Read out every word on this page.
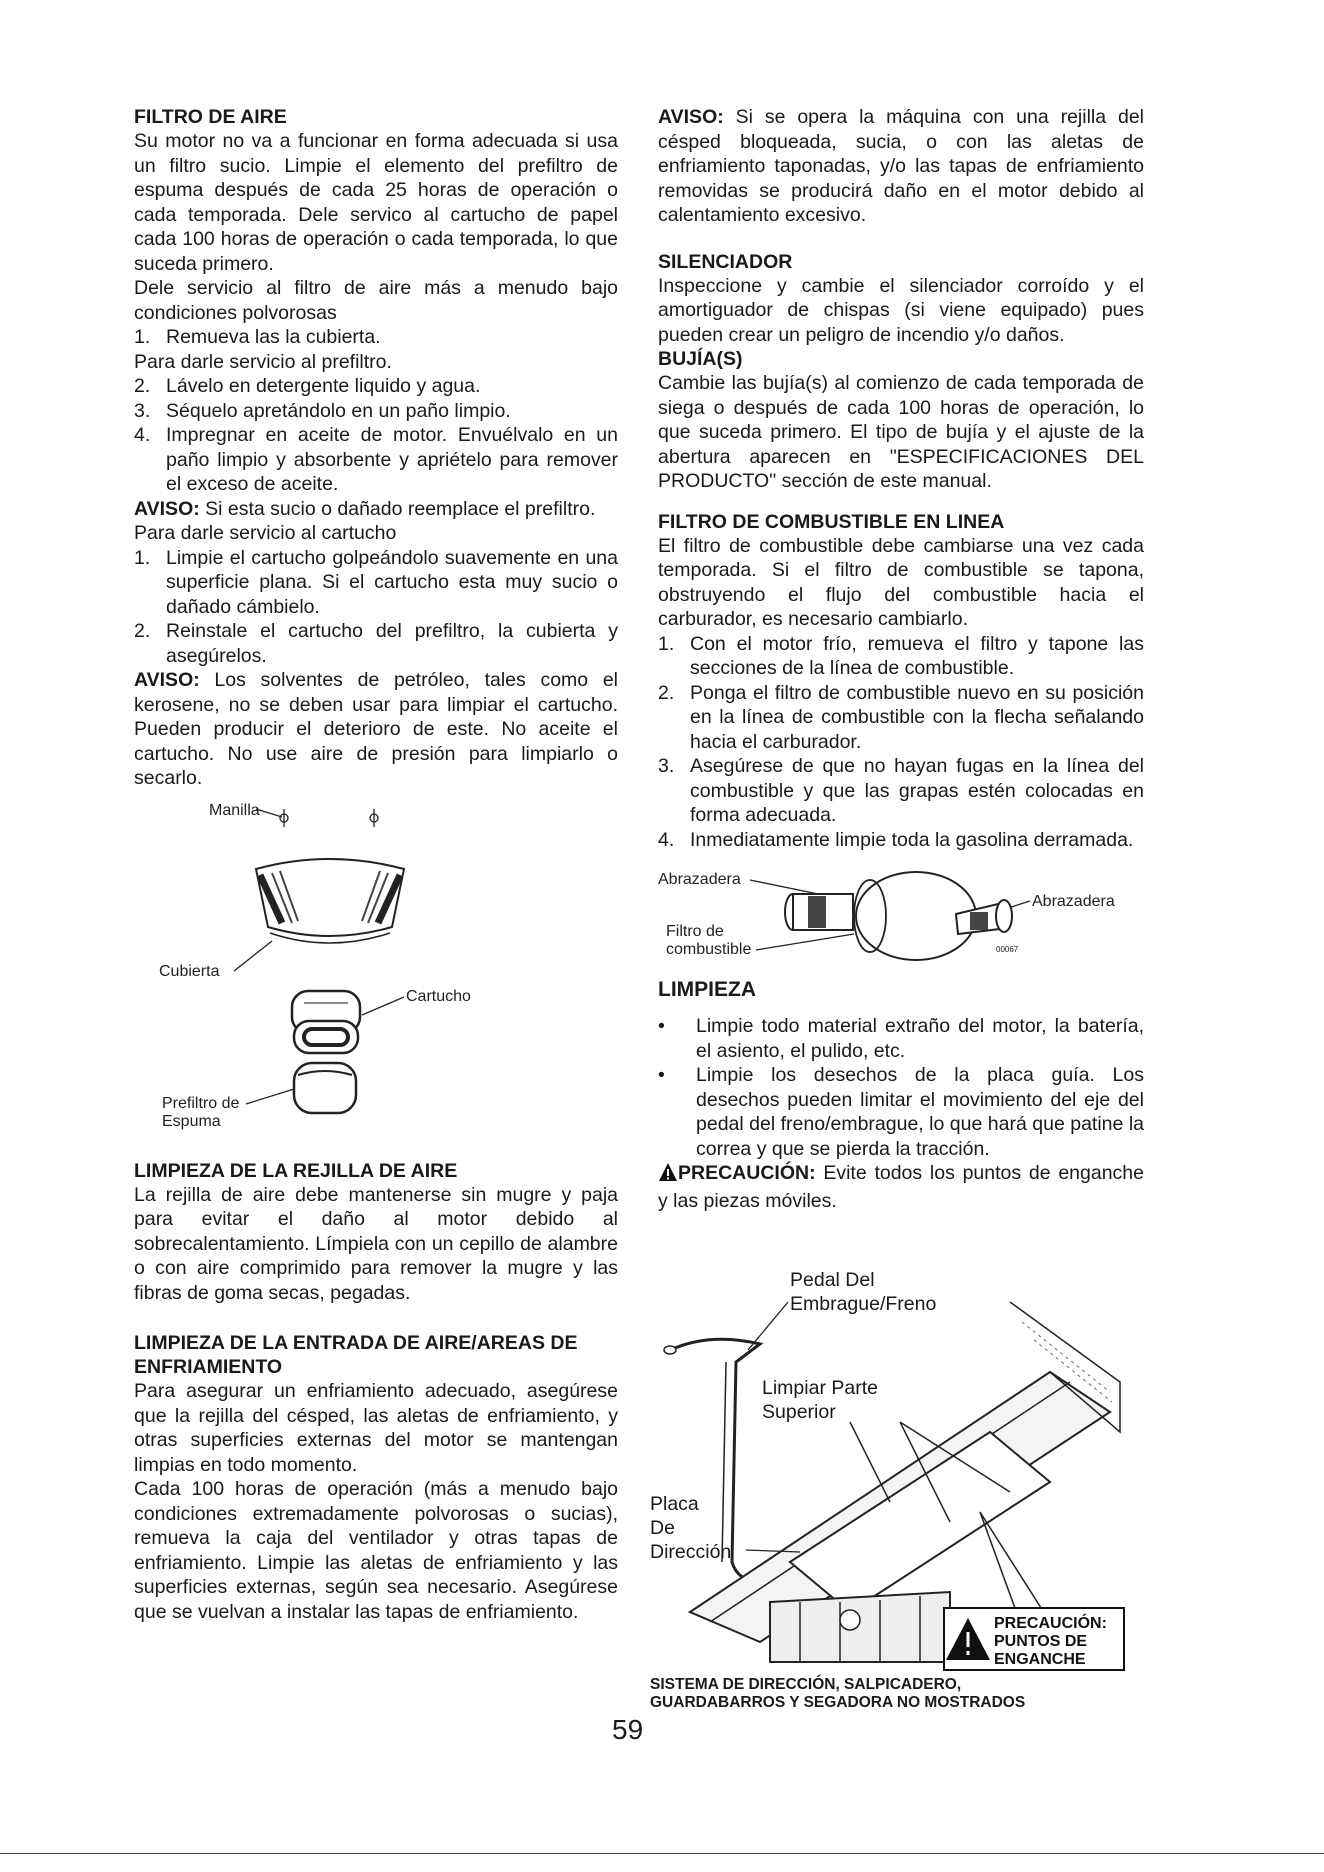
FILTRO DE AIRE

Su motor no va a funcionar en forma adecuada si usa un filtro sucio. Limpie el elemento del prefiltro de espuma después de cada 25 horas de operación o cada temporada. Dele servico al cartucho de papel cada 100 horas de operación o cada temporada, lo que suceda primero.

Dele servicio al filtro de aire más a menudo bajo condiciones polvorosas

1. Remueva las la cubierta.

Para darle servicio al prefiltro.

2. Lávelo en detergente liquido y agua.
3. Séquelo apretándolo en un paño limpio.
4. Impregnar en aceite de motor. Envuélvalo en un paño limpio y absorbente y apriételo para remover el exceso de aceite.

AVISO: Si esta sucio o dañado reemplace el prefiltro.

Para darle servicio al cartucho

1. Limpie el cartucho golpeándolo suavemente en una superficie plana. Si el cartucho esta muy sucio o dañado cámbielo.
2. Reinstale el cartucho del prefiltro, la cubierta y asegúrelos.

AVISO: Los solventes de petróleo, tales como el kerosene, no se deben usar para limpiar el cartucho. Pueden producir el deterioro de este. No aceite el cartucho. No use aire de presión para limpiarlo o secarlo.

Manilla
Cubierta
Cartucho
Prefiltro de
Espuma
LIMPIEZA DE LA REJILLA DE AIRE

La rejilla de aire debe mantenerse sin mugre y paja para evitar el daño al motor debido al sobrecalentamiento. Límpiela con un cepillo de alambre o con aire comprimido para remover la mugre y las fibras de goma secas, pegadas.

LIMPIEZA DE LA ENTRADA DE AIRE/AREAS DE ENFRIAMIENTO

Para asegurar un enfriamiento adecuado, asegúrese que la rejilla del césped, las aletas de enfriamiento, y otras superficies externas del motor se mantengan limpias en todo momento.

Cada 100 horas de operación (más a menudo bajo condiciones extremadamente polvorosas o sucias), remueva la caja del ventilador y otras tapas de enfriamiento. Limpie las aletas de enfriamiento y las superficies externas, según sea necesario. Asegúrese que se vuelvan a instalar las tapas de enfriamiento.

AVISO: Si se opera la máquina con una rejilla del césped bloqueada, sucia, o con las aletas de enfriamiento taponadas, y/o las tapas de enfriamiento removidas se producirá daño en el motor debido al calentamiento excesivo.

SILENCIADOR

Inspeccione y cambie el silenciador corroído y el amortiguador de chispas (si viene equipado) pues pueden crear un peligro de incendio y/o daños.

BUJÍA(S)

Cambie las bujía(s) al comienzo de cada temporada de siega o después de cada 100 horas de operación, lo que suceda primero. El tipo de bujía y el ajuste de la abertura aparecen en "ESPECIFICACIONES DEL PRODUCTO" sección de este manual.

FILTRO DE COMBUSTIBLE EN LINEA

El filtro de combustible debe cambiarse una vez cada temporada. Si el filtro de combustible se tapona, obstruyendo el flujo del combustible hacia el carburador, es necesario cambiarlo.

1. Con el motor frío, remueva el filtro y tapone las secciones de la línea de combustible.
2. Ponga el filtro de combustible nuevo en su posición en la línea de combustible con la flecha señalando hacia el carburador.
3. Asegúrese de que no hayan fugas en la línea del combustible y que las grapas estén colocadas en forma adecuada.
4. Inmediatamente limpie toda la gasolina derramada.
Abrazadera
Abrazadera
Filtro de
combustible	00067
LIMPIEZA
• Limpie todo material extraño del motor, la batería, el asiento, el pulido, etc.
• Limpie los desechos de la placa guía. Los desechos pueden limitar el movimiento del eje del pedal del freno/embrague, lo que hará que patine la correa y que se pierda la tracción.

PRECAUCIÓN: Evite todos los puntos de enganche y las piezas móviles.

Pedal Del
Embrague/Freno
Limpiar Parte
Superior
Placa
De
Dirección
PRECAUCIÓN:
PUNTOS DE
ENGANCHE
SISTEMA DE DIRECCIÓN, SALPICADERO,
GUARDABARROS Y SEGADORA NO MOSTRADOS
59
